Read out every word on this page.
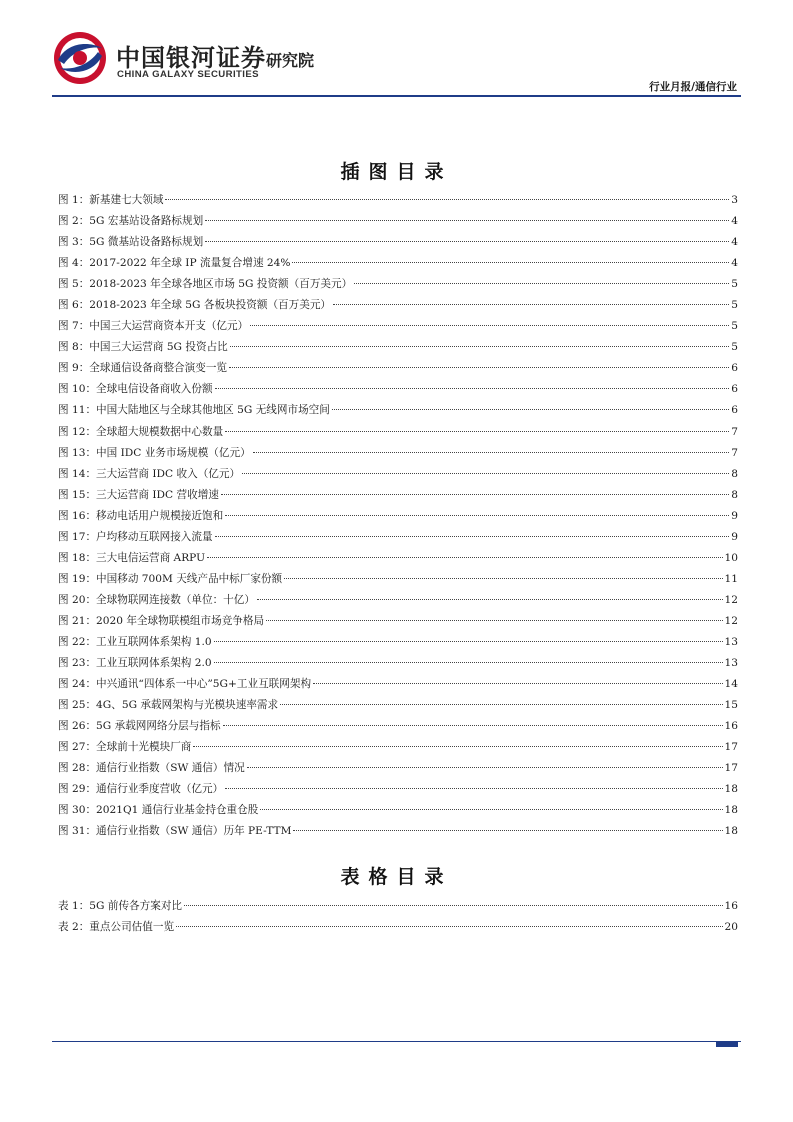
中国银河证券
CHINA GALAXY SECURITIES
研究院
行业月报/通信行业
插图目录
图 1：新基建七大领域	3
图 2：5G 宏基站设备路标规划	4
图 3：5G 微基站设备路标规划	4
图 4：2017-2022 年全球 IP 流量复合增速 24%	4
图 5：2018-2023 年全球各地区市场 5G 投资额（百万美元）	5
图 6：2018-2023 年全球 5G 各板块投资额（百万美元）	5
图 7：中国三大运营商资本开支（亿元）	5
图 8：中国三大运营商 5G 投资占比	5
图 9：全球通信设备商整合演变一览	6
图 10：全球电信设备商收入份额	6
图 11：中国大陆地区与全球其他地区 5G 无线网市场空间	6
图 12：全球超大规模数据中心数量	7
图 13：中国 IDC 业务市场规模（亿元）	7
图 14：三大运营商 IDC 收入（亿元）	8
图 15：三大运营商 IDC 营收增速	8
图 16：移动电话用户规模接近饱和	9
图 17：户均移动互联网接入流量	9
图 18：三大电信运营商 ARPU	10
图 19：中国移动 700M 天线产品中标厂家份额	11
图 20：全球物联网连接数（单位：十亿）	12
图 21：2020 年全球物联模组市场竞争格局	12
图 22：工业互联网体系架构 1.0	13
图 23：工业互联网体系架构 2.0	13
图 24：中兴通讯“四体系一中心”5G+工业互联网架构	14
图 25：4G、5G 承载网架构与光模块速率需求	15
图 26：5G 承载网网络分层与指标	16
图 27：全球前十光模块厂商	17
图 28：通信行业指数（SW 通信）情况	17
图 29：通信行业季度营收（亿元）	18
图 30：2021Q1 通信行业基金持仓重仓股	18
图 31：通信行业指数（SW 通信）历年 PE-TTM	18
表格目录
表 1：5G 前传各方案对比	16
表 2：重点公司估值一览	20
